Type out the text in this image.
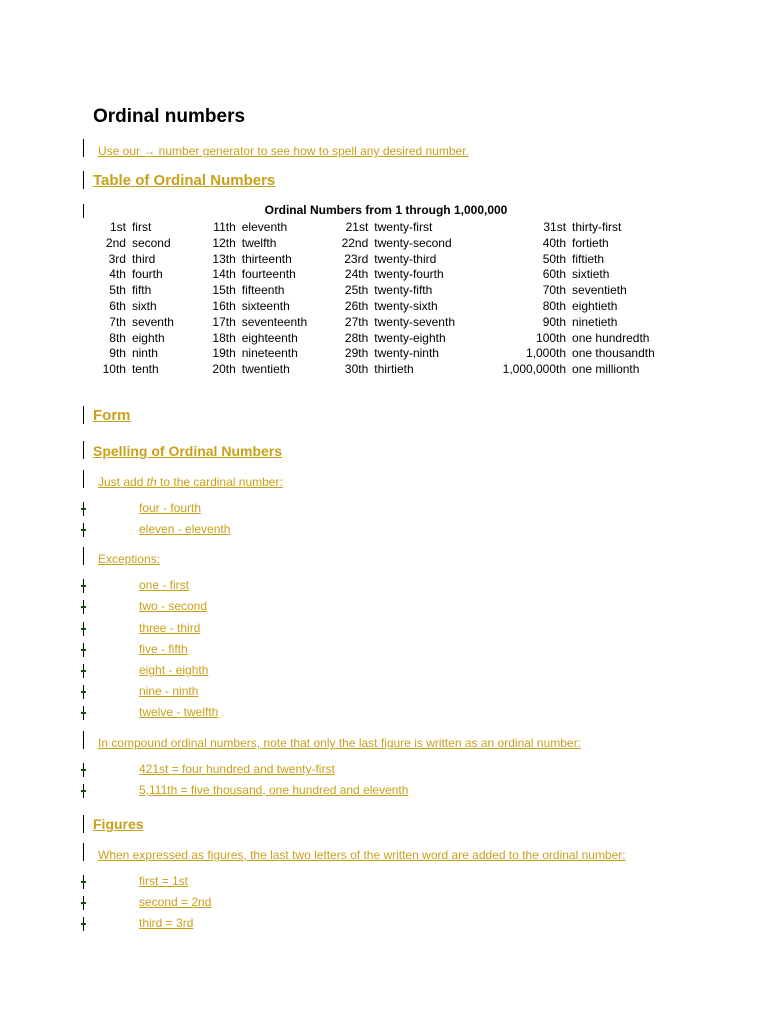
Ordinal numbers
Use our → number generator to see how to spell any desired number.
Table of Ordinal Numbers
Ordinal Numbers from 1 through 1,000,000
1st	first	11th	eleventh	21st	twenty-first	31st	thirty-first
2nd	second	12th	twelfth	22nd	twenty-second	40th	fortieth
3rd	third	13th	thirteenth	23rd	twenty-third	50th	fiftieth
4th	fourth	14th	fourteenth	24th	twenty-fourth	60th	sixtieth
5th	fifth	15th	fifteenth	25th	twenty-fifth	70th	seventieth
6th	sixth	16th	sixteenth	26th	twenty-sixth	80th	eightieth
7th	seventh	17th	seventeenth	27th	twenty-seventh	90th	ninetieth
8th	eighth	18th	eighteenth	28th	twenty-eighth	100th	one hundredth
9th	ninth	19th	nineteenth	29th	twenty-ninth	1,000th	one thousandth
10th	tenth	20th	twentieth	30th	thirtieth	1,000,000th	one millionth
Form
Spelling of Ordinal Numbers
Just add th to the cardinal number:
four - fourth
eleven - eleventh
Exceptions:
one - first
two - second
three - third
five - fifth
eight - eighth
nine - ninth
twelve - twelfth
In compound ordinal numbers, note that only the last figure is written as an ordinal number:
421st = four hundred and twenty-first
5,111th = five thousand, one hundred and eleventh
Figures
When expressed as figures, the last two letters of the written word are added to the ordinal number:
first = 1st
second = 2nd
third = 3rd
